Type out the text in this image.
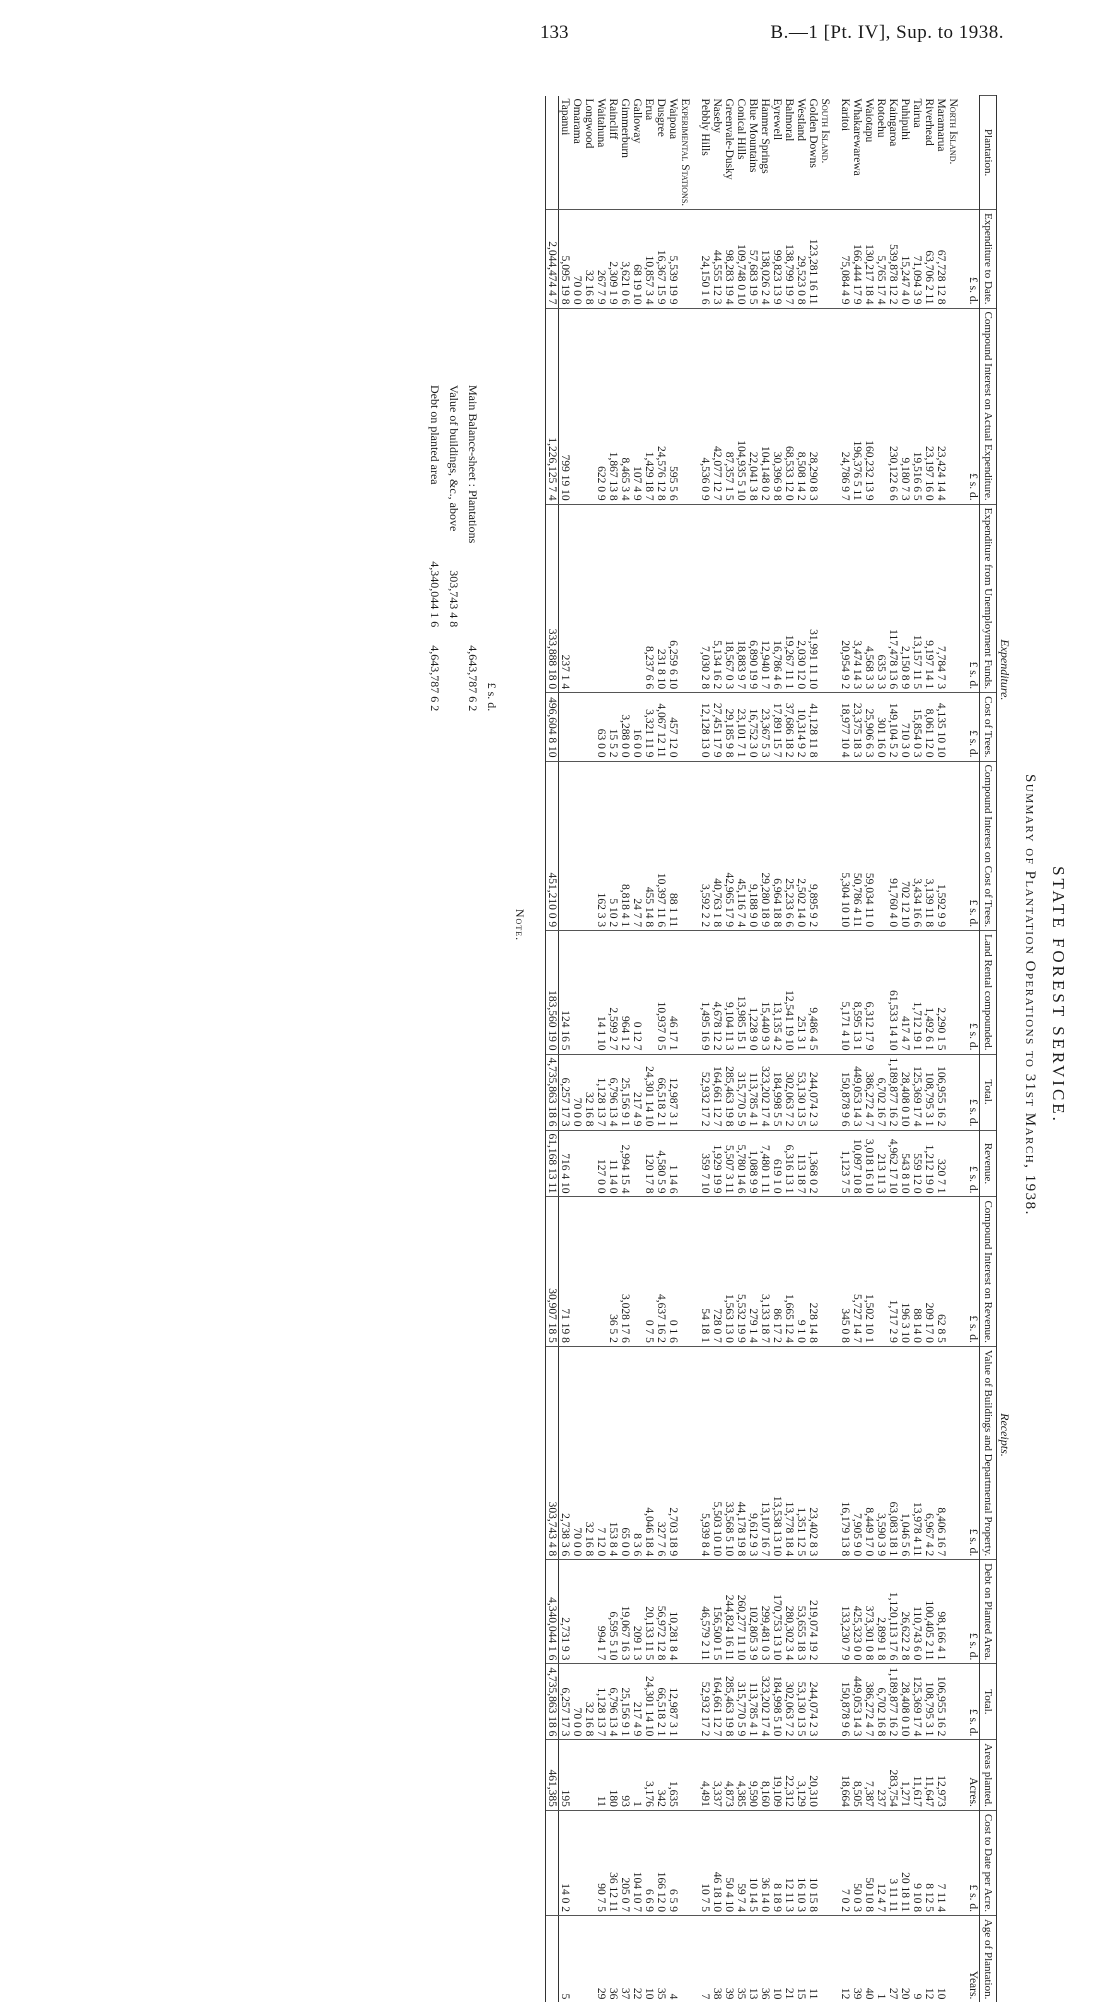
133	B.—1 [Pt. IV], Sup. to 1938.
STATE FOREST SERVICE.
Summary of Plantation Operations to 31st March, 1938.
	Expenditure.							Receipts.							
Plantation.	Expenditure to Date.	Compound Interest on Actual Expenditure.	Expenditure from Unemployment Funds.	Cost of Trees.	Compound Interest on Cost of Trees.	Land Rental compounded.	Total.	Revenue.	Compound Interest on Revenue.	Value of Buildings and Departmental Property.	Debt on Planted Area.	Total.	Areas planted.	Cost to Date per Acre.	Age of Plantation.
	£ s. d.	£ s. d.	£ s. d.	£ s. d.	£ s. d.	£ s. d.	£ s. d.	£ s. d.	£ s. d.	£ s. d.	£ s. d.	£ s. d.	Acres.	£ s. d.	Years.
North Island.															
Maramarua	67,728 12 8	23,424 14 4	7,784 7 3	4,135 10 10	1,592 9 9	2,290 1 5	106,955 16 2	320 7 1	62 8 5	8,406 16 7	98,166 4 1	106,955 16 2	12,973	7 11 4	10
Riverhead	63,706 2 11	23,197 16 0	9,197 14 1	8,061 12 0	3,139 11 8	1,492 6 1	108,795 3 1	1,212 19 0	209 17 0	6,967 4 2	100,405 2 11	108,795 3 1	11,647	8 12 5	12
Tairua	71,094 3 9	19,516 6 5	13,157 11 5	15,854 0 3	3,434 16 6	1,712 19 1	125,369 17 4	559 12 0	88 14 0	13,978 4 11	110,743 6 0	125,369 17 4	11,617	9 10 8	9
Puhipuhi	15,247 4 0	9,180 7 3	2,150 8 9	710 3 0	702 12 10	417 4 7	28,408 0 10	543 8 10	196 3 10	1,046 5 6	26,622 2 8	28,408 0 10	1,271	20 18 11	20
Kaingaroa	539,878 12 2	230,122 6 6	117,478 13 6	149,104 5 2	91,760 4 0	61,533 14 10	1,189,877 16 2	4,962 17 10	1,717 2 9	63,083 18 1	1,120,113 17 6	1,189,877 16 2	283,754	3 11 11	27
Rotoehu	5,765 17 4		635 3 3	301 16 0			6,702 16 7	213 11 3		3,590 3 9	2,899 1 8	6,702 16 8	237	12 4 7	1
Waiotapu	130,217 18 4	160,232 13 9	4,568 3 3	25,906 6 3	59,034 11 0	6,312 17 9	386,272 4 7	3,018 16 10	1,502 10 1	8,449 17 0	373,301 0 8	386,272 4 7	7,387	50 10 8	40
Whakarewarewa	166,444 17 9	196,376 5 11	3,474 14 3	23,375 18 3	50,786 4 11	8,595 13 1	449,053 14 3	10,097 10 8	5,727 14 7	7,905 9 0	425,323 0 0	449,053 14 3	8,505	50 0 3	39
Karitoi	75,084 4 9	24,786 9 7	20,954 9 2	18,977 10 4	5,304 10 10	5,171 4 10	150,878 9 6	1,123 7 5	345 0 8	16,179 13 8	133,230 7 9	150,878 9 6	18,664	7 0 2	12
South Island.															
Golden Downs	123,281 16 11	28,290 8 3	31,991 11 10	41,128 11 8	9,895 9 2	9,486 4 5	244,074 2 3	1,368 0 2	228 14 8	23,402 8 3	219,074 19 2	244,074 2 3	20,310	10 15 8	11
Westland	29,523 0 8	8,508 14 2	2,030 12 0	10,314 9 2	2,502 14 0	251 3 1	53,130 13 5	113 18 7	9 1 0	1,351 12 5	53,655 18 3	53,130 13 5	3,129	16 10 3	15
Balmoral	138,799 19 7	68,533 12 0	19,267 11 1	37,686 18 2	25,233 6 6	12,541 19 10	302,063 7 2	6,316 13 1	1,665 12 4	13,778 18 4	280,302 3 4	302,063 7 2	22,312	12 11 3	21
Eyrewell	99,823 13 9	30,396 9 8	16,786 4 6	17,891 15 7	6,964 18 8	13,135 4 2	184,998 5 5	619 1 0	86 17 2	13,538 13 10	170,753 13 10	184,998 5 10	19,109	8 18 9	10
Hanmer Springs	138,026 2 4	104,148 0 2	12,940 1 7	23,367 5 3	29,280 18 9	15,440 9 3	323,202 17 4	7,480 1 11	3,133 18 7	13,107 16 7	299,481 0 3	323,202 17 4	8,160	36 14 0	36
Blue Mountains	57,683 19 5	22,041 3 8	6,890 19 9	16,752 3 0	9,188 9 0	1,228 9 0	113,785 4 1	1,088 9 9	279 1 4	9,612 9 3	102,805 3 9	113,785 4 1	9,590	10 14 5	13
Conical Hills	109,748 0 10	104,935 5 10	18,883 9 7	23,101 7 1	45,116 7 4	13,985 15 1	315,770 5 9	5,780 14 6	5,532 19 9	44,178 19 8	260,277 11 10	315,770 5 9	4,385	59 7 4	35
Greenvale-Dusky	98,283 19 4	87,357 1 5	18,567 0 3	29,185 9 8	42,965 17 9	9,104 11 3	285,463 19 8	5,507 3 11	1,563 13 0	33,568 5 10	244,824 16 11	285,463 19 8	4,873	50 4 10	39
Naseby	44,555 12 3	42,077 12 7	5,134 16 2	27,451 17 9	40,763 1 8	4,678 12 2	164,661 12 7	1,929 19 9	728 0 7	5,503 10 10	156,500 1 5	164,661 12 7	3,337	46 18 10	38
Pebbly Hills	24,150 1 6	4,536 0 9	7,030 2 8	12,128 13 0	3,592 2 2	1,495 16 9	52,932 17 2	359 7 10	54 18 1	5,939 8 4	46,579 2 11	52,932 17 2	4,491	10 7 5	7
Experimental Stations.															
Waipoua	5,539 19 9	595 5 6	6,259 6 10	457 12 0	88 1 11	46 17 1	12,987 3 1	1 14 6	0 1 6	2,703 18 9	10,281 8 4	12,987 3 1	1,635	6 5 9	4
Dusgree	16,367 15 9	24,576 12 8	231 8 10	4,067 12 11	10,397 11 6	10,937 0 5	66,518 2 1	4,580 5 9	4,637 16 2	327 7 6	56,972 12 8	66,518 2 1	342	166 12 0	35
Erua	10,857 3 4	1,429 18 7	8,237 6 6	3,321 11 9	455 14 8		24,301 14 10	120 17 8	0 7 5	4,046 18 4	20,133 11 5	24,301 14 10	3,176	6 6 9	10
Galloway	68 19 10	107 4 9		16 0 0	24 7 7	0 12 7	217 4 9			8 3 6	209 1 3	217 4 9	1	104 10 7	22
Gimmerburn	3,621 0 6	8,465 3 4		3,288 0 0	8,818 4 1	964 1 2	25,156 9 1	2,994 15 4	3,028 17 6	65 0 0	19,067 16 3	25,156 9 1	93	205 0 7	37
Raincliff	2,309 1 9	1,867 13 8		15 5 2	5 10 2	2,599 2 7	6,796 13 4	11 14 0	36 5 2	153 8 4	6,595 5 10	6,796 13 4	180	36 12 11	36
Waitahuna	267 7 9	622 0 9		63 0 0	162 3 3	14 1 10	1,128 13 7	127 0 0		7 12 0	994 1 7	1,128 13 7	11	90 7 5	29
Longwood	32 16 8						32 16 8			32 16 8		32 16 8			
Omarama	70 0 0						70 0 0			70 0 0		70 0 0			
Tapanui	5,095 19 8	799 19 10	237 1 4			124 16 5	6,257 17 3	716 4 10	71 19 8	2,738 3 6	2,731 9 3	6,257 17 3	195	14 0 2	5
	2,044,474 4 7	1,226,125 7 4	333,888 18 0	496,604 8 10	451,210 0 9	183,560 19 0	4,735,863 18 6	61,168 13 11	30,907 18 5	303,743 4 8	4,340,044 1 6	4,735,863 18 6	461,385		
Note.
		£ s. d.
Main Balance-sheet : Plantations		4,643,787 6 2
Value of buildings, &c., above	303,743 4 8	
Debt on planted area	4,340,044 1 6	4,643,787 6 2
